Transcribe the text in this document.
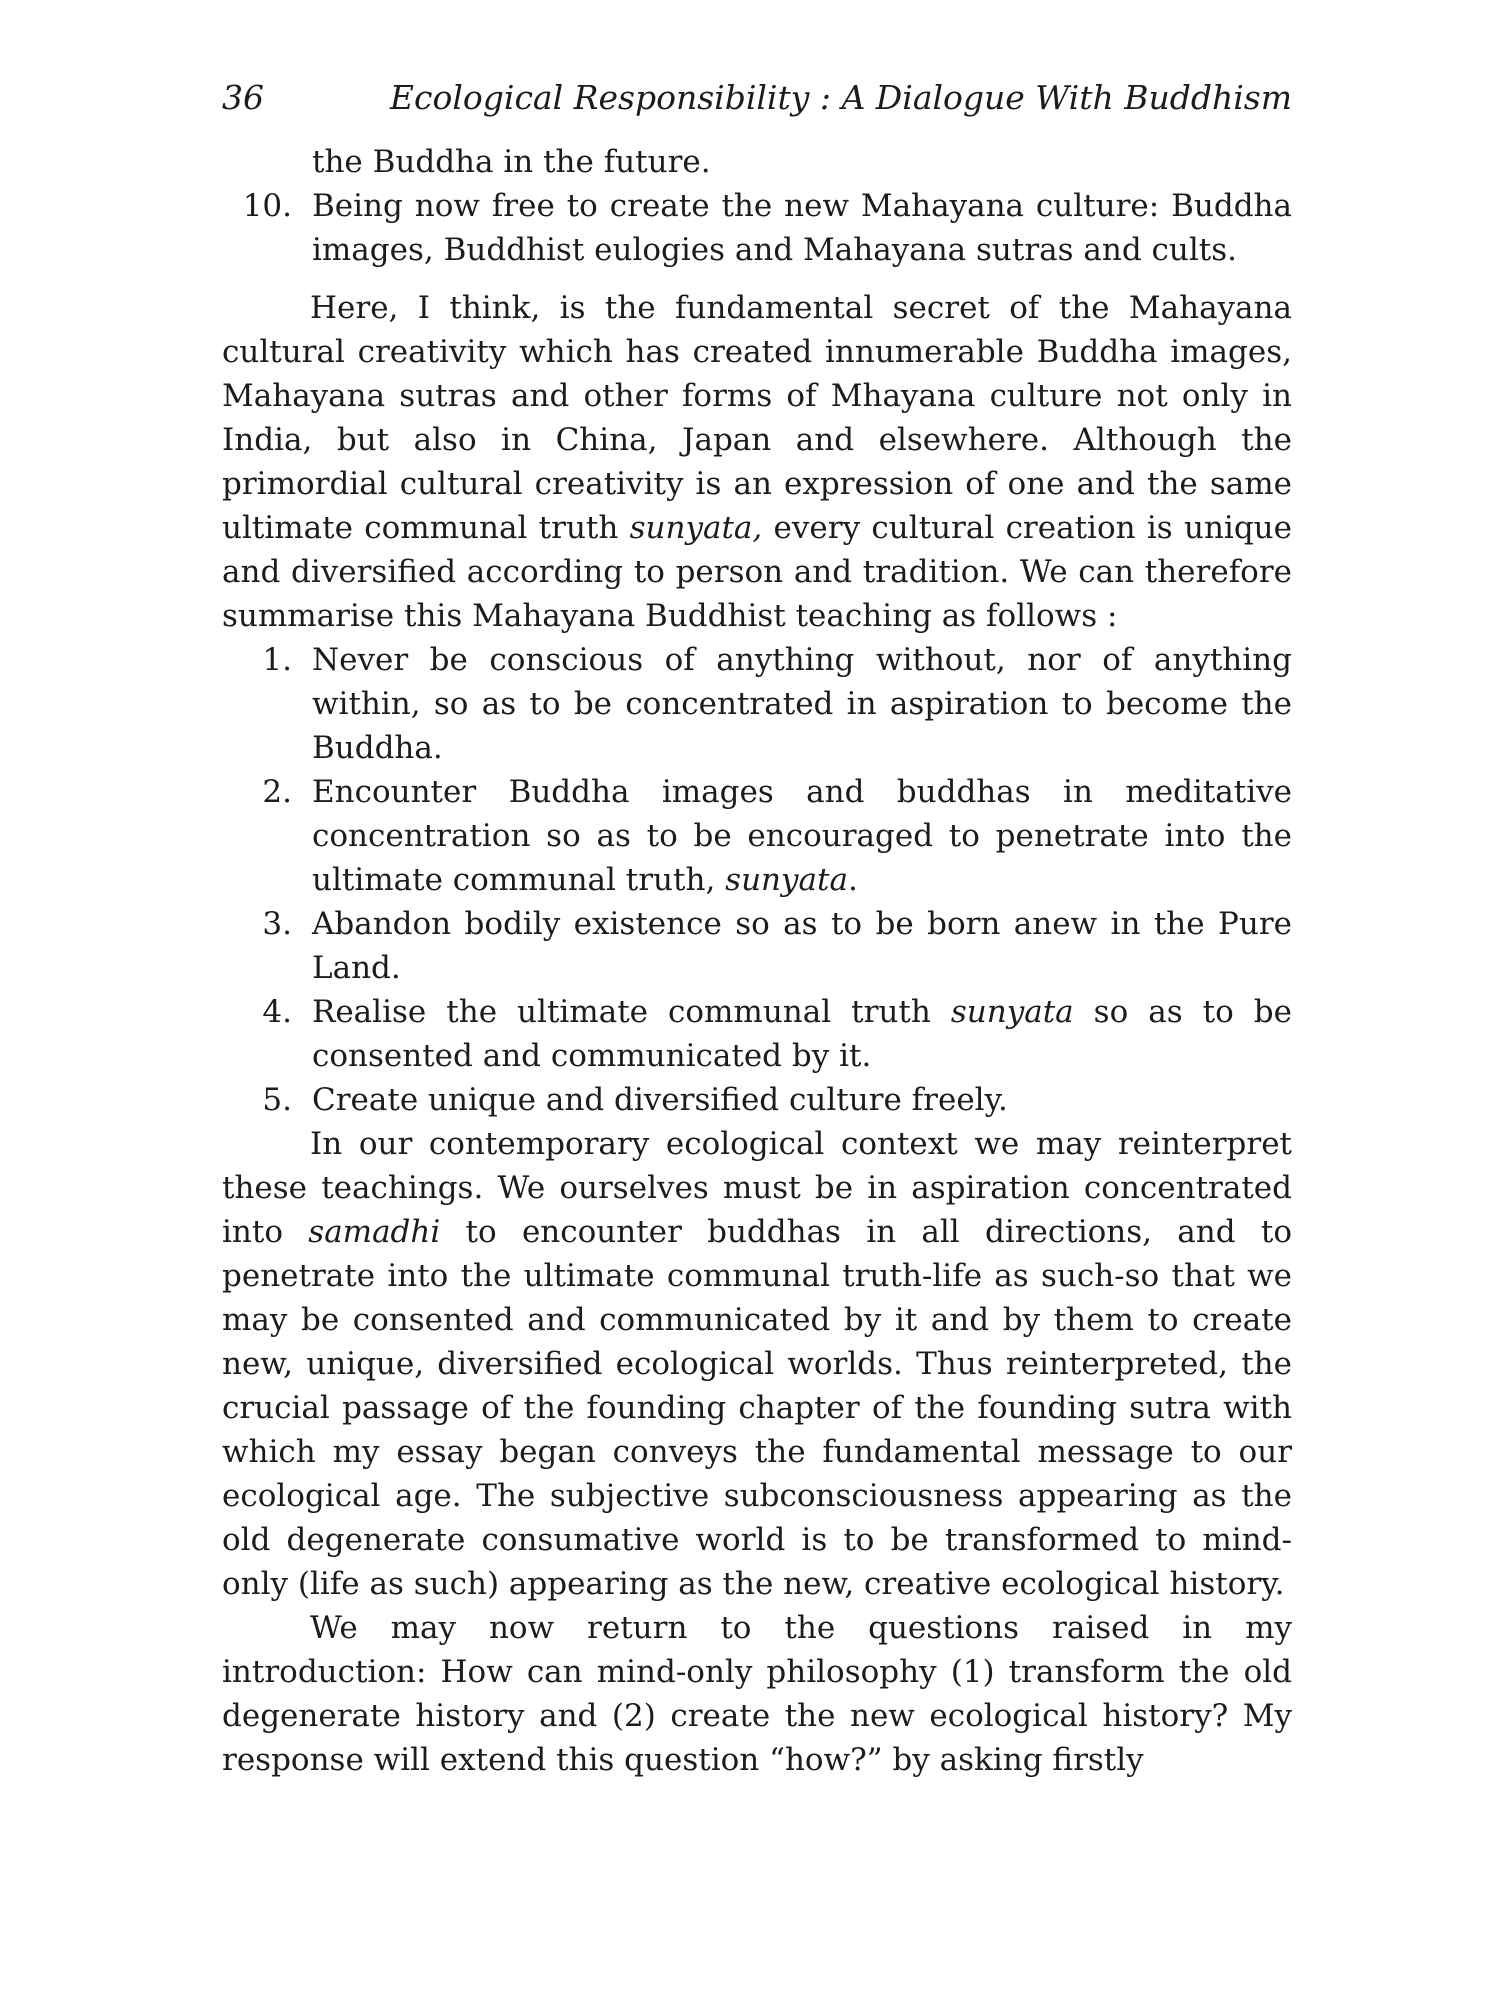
36	Ecological Responsibility : A Dialogue With Buddhism
the Buddha in the future.
10. Being now free to create the new Mahayana culture: Buddha images, Buddhist eulogies and Mahayana sutras and cults.

Here, I think, is the fundamental secret of the Mahayana cultural creativity which has created innumerable Buddha images, Mahayana sutras and other forms of Mhayana culture not only in India, but also in China, Japan and elsewhere. Although the primordial cultural creativity is an expression of one and the same ultimate communal truth sunyata, every cultural creation is unique and diversified according to person and tradition. We can therefore summarise this Mahayana Buddhist teaching as follows :

1. Never be conscious of anything without, nor of anything within, so as to be concentrated in aspiration to become the Buddha.
2. Encounter Buddha images and buddhas in meditative concentration so as to be encouraged to penetrate into the ultimate communal truth, sunyata.
3. Abandon bodily existence so as to be born anew in the Pure Land.
4. Realise the ultimate communal truth sunyata so as to be consented and communicated by it.
5. Create unique and diversified culture freely.

In our contemporary ecological context we may reinterpret these teachings. We ourselves must be in aspiration concentrated into samadhi to encounter buddhas in all directions, and to penetrate into the ultimate communal truth-life as such-so that we may be consented and communicated by it and by them to create new, unique, diversified ecological worlds. Thus reinterpreted, the crucial passage of the founding chapter of the founding sutra with which my essay began conveys the fundamental message to our ecological age. The subjective subconsciousness appearing as the old degenerate consumative world is to be transformed to mind-only (life as such) appearing as the new, creative ecological history.

We may now return to the questions raised in my introduction: How can mind-only philosophy (1) transform the old degenerate history and (2) create the new ecological history? My response will extend this question “how?” by asking firstly
